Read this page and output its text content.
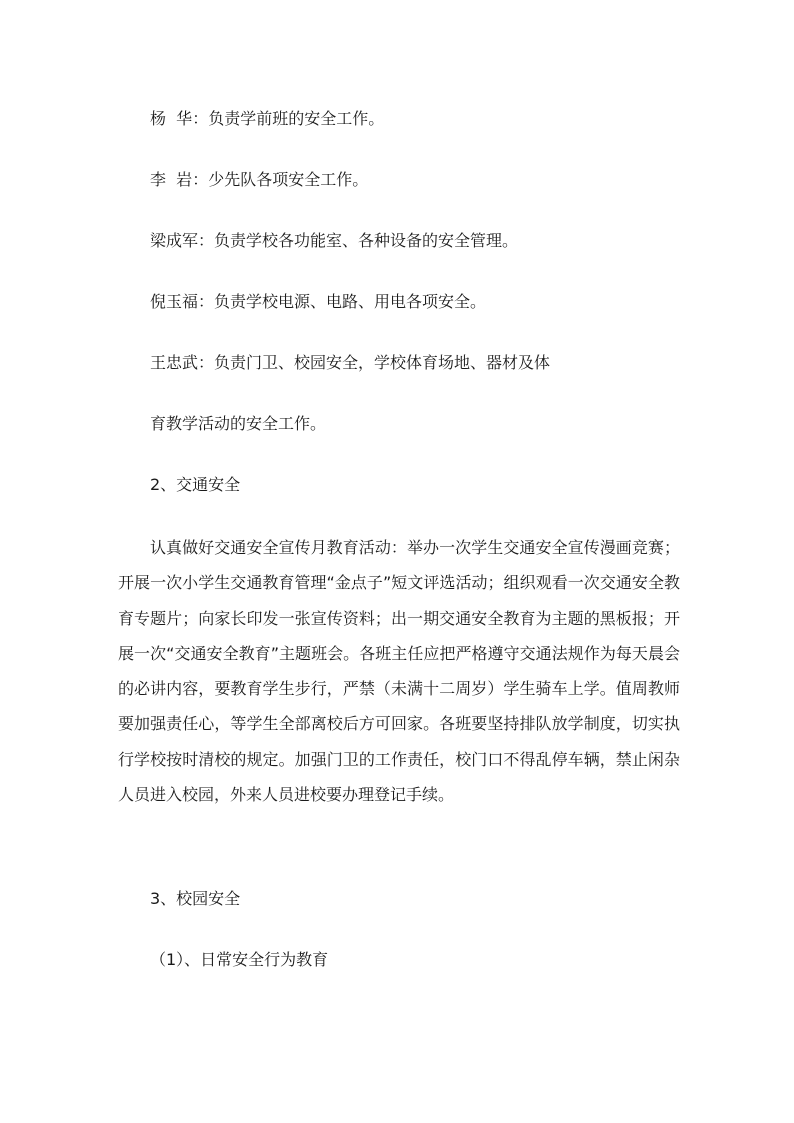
杨  华：负责学前班的安全工作。

李  岩：少先队各项安全工作。

梁成军：负责学校各功能室、各种设备的安全管理。

倪玉福：负责学校电源、电路、用电各项安全。

王忠武：负责门卫、校园安全，学校体育场地、器材及体

育教学活动的安全工作。

2、交通安全

认真做好交通安全宣传月教育活动：举办一次学生交通安全宣传漫画竞赛；开展一次小学生交通教育管理“金点子”短文评选活动；组织观看一次交通安全教育专题片；向家长印发一张宣传资料；出一期交通安全教育为主题的黑板报；开展一次“交通安全教育”主题班会。各班主任应把严格遵守交通法规作为每天晨会的必讲内容，要教育学生步行，严禁（未满十二周岁）学生骑车上学。值周教师要加强责任心，等学生全部离校后方可回家。各班要坚持排队放学制度，切实执行学校按时清校的规定。加强门卫的工作责任，校门口不得乱停车辆，禁止闲杂人员进入校园，外来人员进校要办理登记手续。

3、校园安全

（1）、日常安全行为教育
